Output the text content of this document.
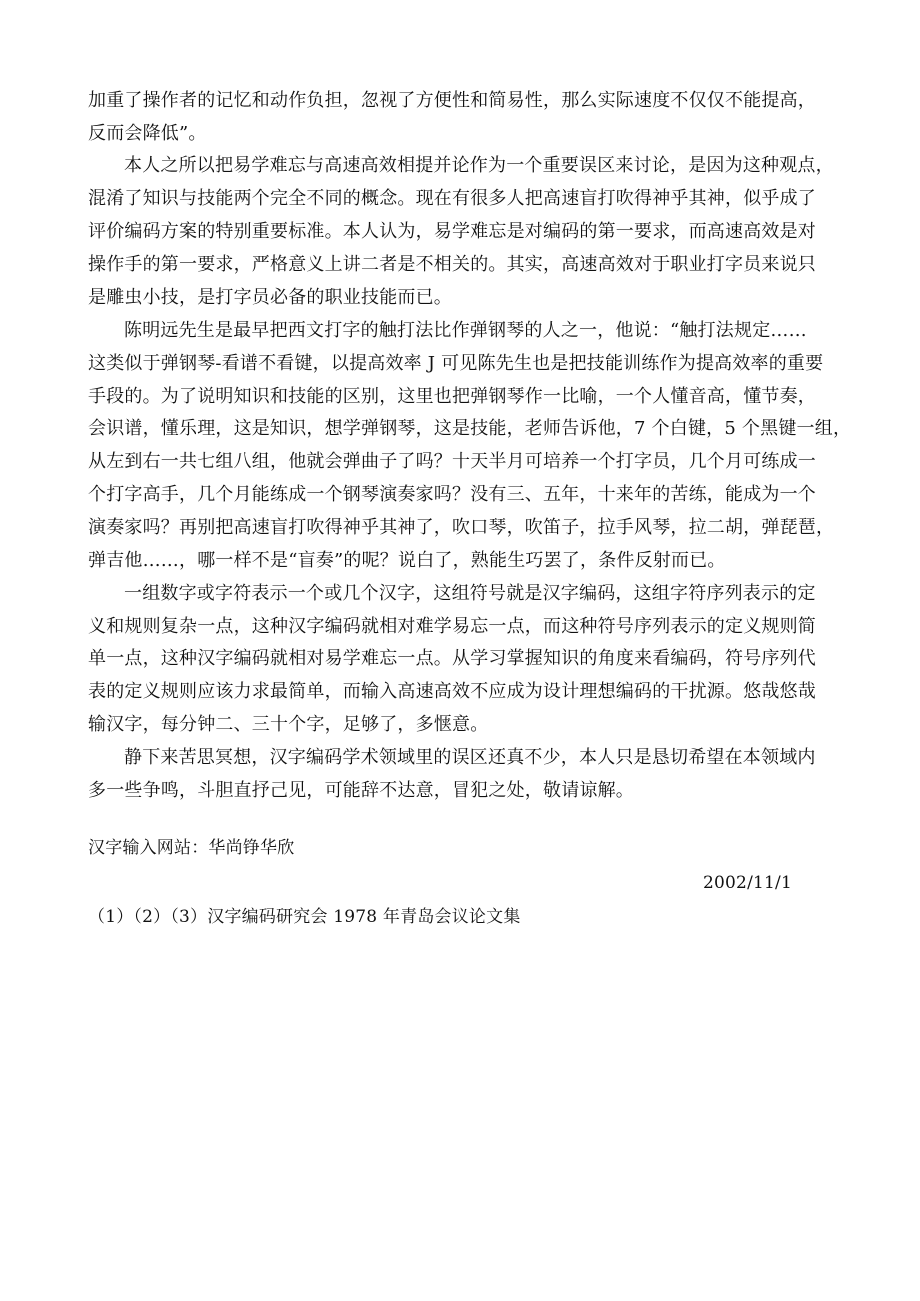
加重了操作者的记忆和动作负担，忽视了方便性和简易性，那么实际速度不仅仅不能提高，
反而会降低”。
本人之所以把易学难忘与高速高效相提并论作为一个重要误区来讨论，是因为这种观点，
混淆了知识与技能两个完全不同的概念。现在有很多人把高速盲打吹得神乎其神，似乎成了
评价编码方案的特别重要标准。本人认为，易学难忘是对编码的第一要求，而高速高效是对
操作手的第一要求，严格意义上讲二者是不相关的。其实，高速高效对于职业打字员来说只
是雕虫小技，是打字员必备的职业技能而已。
陈明远先生是最早把西文打字的触打法比作弹钢琴的人之一，他说：“触打法规定……
这类似于弹钢琴-看谱不看键，以提高效率 J 可见陈先生也是把技能训练作为提高效率的重要
手段的。为了说明知识和技能的区别，这里也把弹钢琴作一比喻，一个人懂音高，懂节奏，
会识谱，懂乐理，这是知识，想学弹钢琴，这是技能，老师告诉他，7 个白键，5 个黑键一组，
从左到右一共七组八组，他就会弹曲子了吗？十天半月可培养一个打字员，几个月可练成一
个打字高手，几个月能练成一个钢琴演奏家吗？没有三、五年，十来年的苦练，能成为一个
演奏家吗？再别把高速盲打吹得神乎其神了，吹口琴，吹笛子，拉手风琴，拉二胡，弹琵琶，
弹吉他……，哪一样不是“盲奏”的呢？说白了，熟能生巧罢了，条件反射而已。
一组数字或字符表示一个或几个汉字，这组符号就是汉字编码，这组字符序列表示的定
义和规则复杂一点，这种汉字编码就相对难学易忘一点，而这种符号序列表示的定义规则简
单一点，这种汉字编码就相对易学难忘一点。从学习掌握知识的角度来看编码，符号序列代
表的定义规则应该力求最简单，而输入高速高效不应成为设计理想编码的干扰源。悠哉悠哉
输汉字，每分钟二、三十个字，足够了，多惬意。
静下来苦思冥想，汉字编码学术领域里的误区还真不少，本人只是恳切希望在本领域内
多一些争鸣，斗胆直抒己见，可能辞不达意，冒犯之处，敬请谅解。
汉字输入网站：华尚铮华欣
2002/11/1
（1）（2）（3）汉字编码研究会 1978 年青岛会议论文集
